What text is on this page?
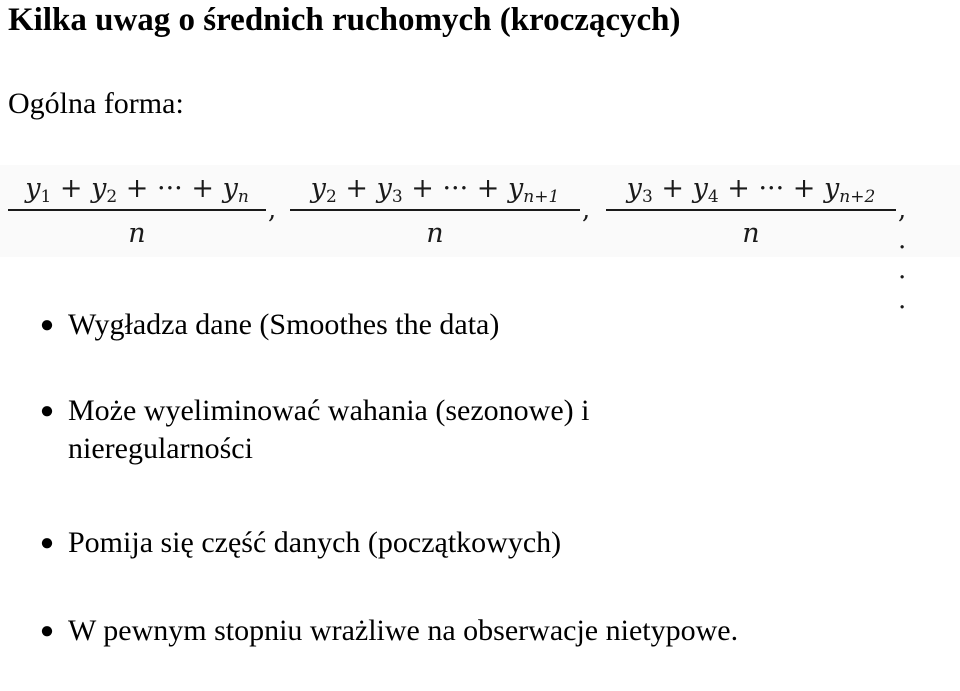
Kilka uwag o średnich ruchomych (kroczących)
Ogólna forma:
$\frac{y_1 + y_2 + \cdot\cdot\cdot + y_n}{n}$ , $\frac{y_2 + y_3 + \cdot\cdot\cdot + y_{n+1}}{n}$ , $\frac{y_3 + y_4 + \cdot\cdot\cdot + y_{n+2}}{n}$ , . . .
● Wygładza dane (Smoothes the data)
● Może wyeliminować wahania (sezonowe) i nieregularności
● Pomija się część danych (początkowych)
● W pewnym stopniu wrażliwe na obserwacje nietypowe.
